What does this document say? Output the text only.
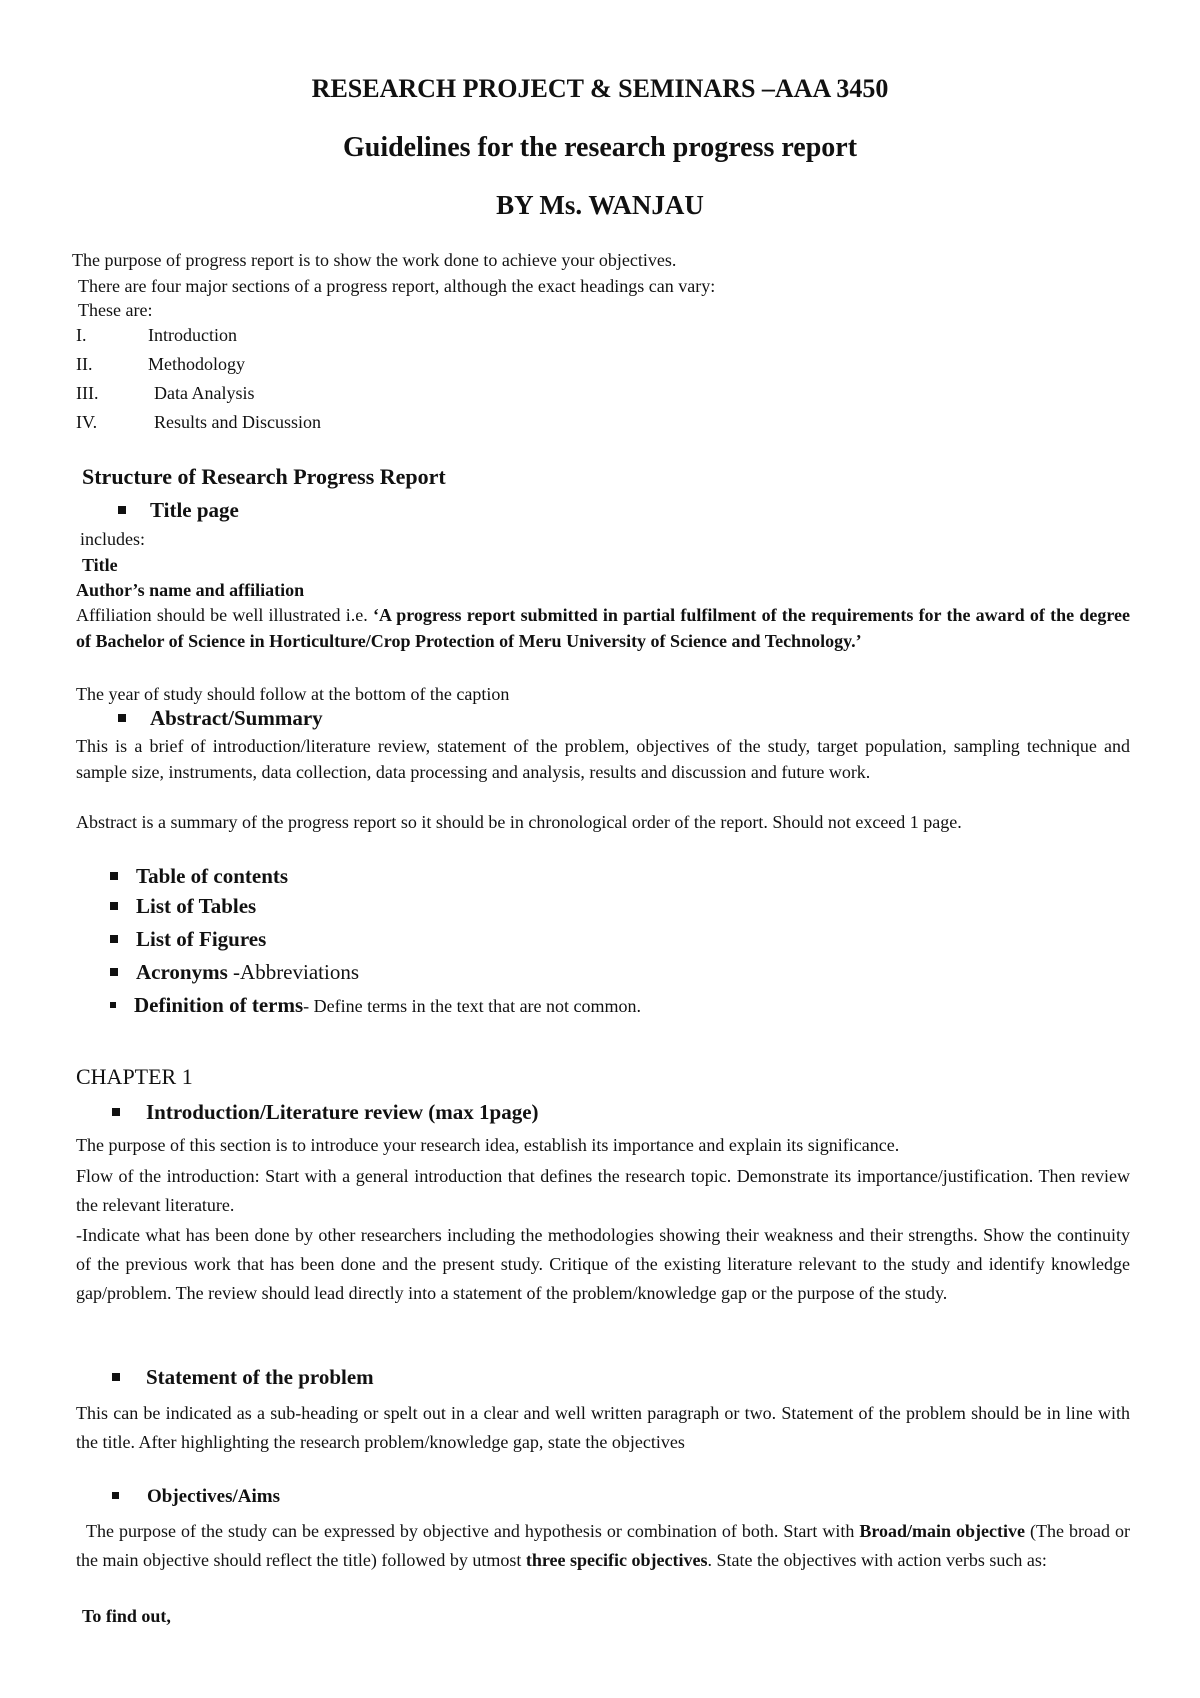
RESEARCH PROJECT & SEMINARS –AAA 3450

Guidelines for the research progress report

BY Ms. WANJAU

The purpose of progress report is to show the work done to achieve your objectives.

There are four major sections of a progress report, although the exact headings can vary:

These are:

I.	Introduction

II.	Methodology

III.	Data Analysis

IV.	Results and Discussion

Structure of Research Progress Report

Title page

includes:

Title

Author’s name and affiliation

Affiliation should be well illustrated i.e. ‘A progress report submitted in partial fulfilment of the requirements for the award of the degree of Bachelor of Science in Horticulture/Crop Protection of Meru University of Science and Technology.’

The year of study should follow at the bottom of the caption

Abstract/Summary

This is a brief of introduction/literature review, statement of the problem, objectives of the study, target population, sampling technique and sample size, instruments, data collection, data processing and analysis, results and discussion and future work.

Abstract is a summary of the progress report so it should be in chronological order of the report. Should not exceed 1 page.

Table of contents

List of Tables

List of Figures

Acronyms -Abbreviations

Definition of terms- Define terms in the text that are not common.

CHAPTER 1

Introduction/Literature review (max 1page)

The purpose of this section is to introduce your research idea, establish its importance and explain its significance.

Flow of the introduction: Start with a general introduction that defines the research topic. Demonstrate its importance/justification. Then review the relevant literature.

-Indicate what has been done by other researchers including the methodologies showing their weakness and their strengths. Show the continuity of the previous work that has been done and the present study. Critique of the existing literature relevant to the study and identify knowledge gap/problem. The review should lead directly into a statement of the problem/knowledge gap or the purpose of the study.

Statement of the problem

This can be indicated as a sub-heading or spelt out in a clear and well written paragraph or two. Statement of the problem should be in line with the title. After highlighting the research problem/knowledge gap, state the objectives

Objectives/Aims

The purpose of the study can be expressed by objective and hypothesis or combination of both. Start with Broad/main objective (The broad or the main objective should reflect the title) followed by utmost three specific objectives. State the objectives with action verbs such as:

To find out,
